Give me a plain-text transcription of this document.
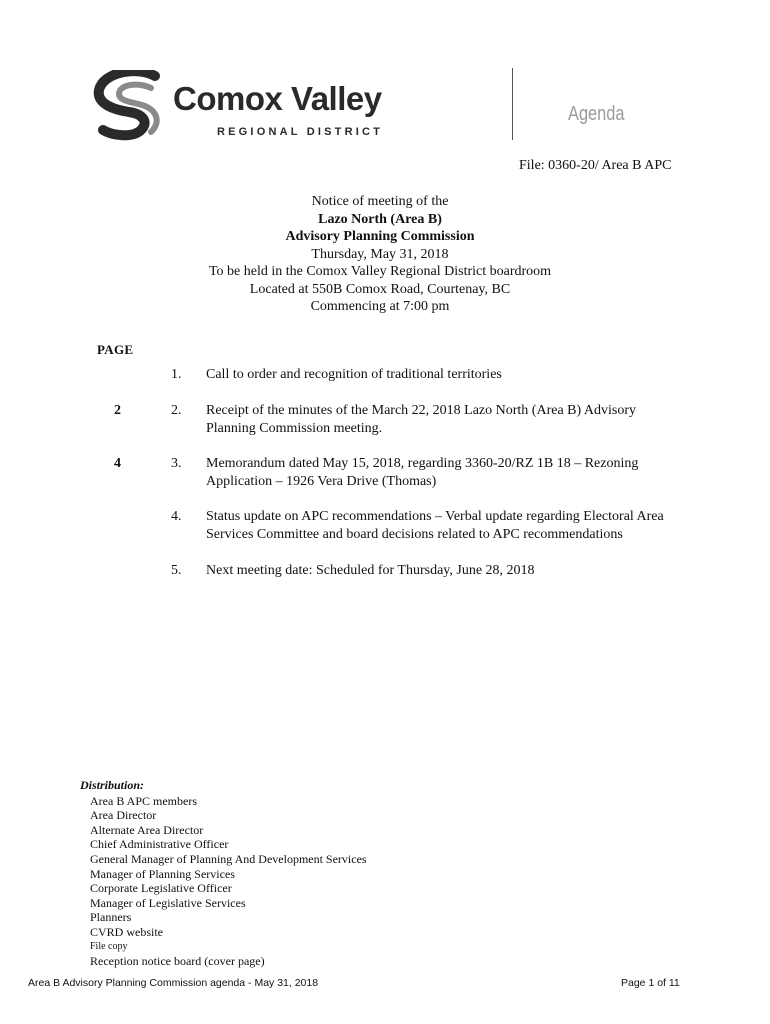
Comox Valley
REGIONAL DISTRICT
Agenda
File: 0360-20/ Area B APC
Notice of meeting of the
Lazo North (Area B)
Advisory Planning Commission
Thursday, May 31, 2018
To be held in the Comox Valley Regional District boardroom
Located at 550B Comox Road, Courtenay, BC
Commencing at 7:00 pm
PAGE
1. Call to order and recognition of traditional territories
2	2. Receipt of the minutes of the March 22, 2018 Lazo North (Area B) Advisory Planning Commission meeting.
4	3. Memorandum dated May 15, 2018, regarding 3360-20/RZ 1B 18 – Rezoning Application – 1926 Vera Drive (Thomas)
4. Status update on APC recommendations – Verbal update regarding Electoral Area Services Committee and board decisions related to APC recommendations
5. Next meeting date: Scheduled for Thursday, June 28, 2018
Distribution:
Area B APC members
Area Director
Alternate Area Director
Chief Administrative Officer
General Manager of Planning And Development Services
Manager of Planning Services
Corporate Legislative Officer
Manager of Legislative Services
Planners
CVRD website
File copy
Reception notice board (cover page)
Area B Advisory Planning Commission agenda - May 31, 2018	Page 1 of 11
